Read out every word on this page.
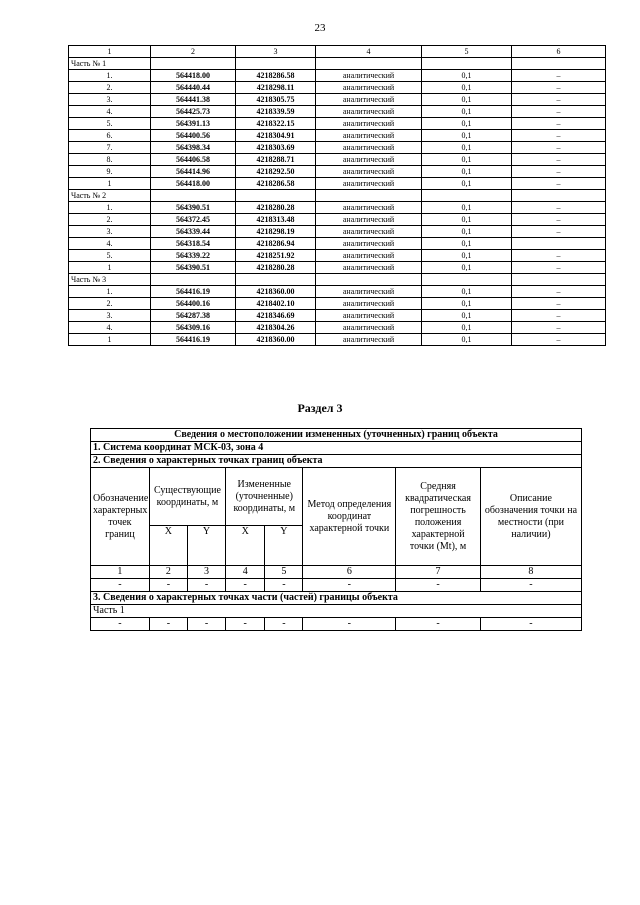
23
1	2	3	4	5	6
Часть № 1					
1.	564418.00	4218286.58	аналитический	0,1	–
2.	564440.44	4218298.11	аналитический	0,1	–
3.	564441.38	4218305.75	аналитический	0,1	–
4.	564425.73	4218339.59	аналитический	0,1	–
5.	564391.13	4218322.15	аналитический	0,1	–
6.	564400.56	4218304.91	аналитический	0,1	–
7.	564398.34	4218303.69	аналитический	0,1	–
8.	564406.58	4218288.71	аналитический	0,1	–
9.	564414.96	4218292.50	аналитический	0,1	–
1	564418.00	4218286.58	аналитический	0,1	–
Часть № 2					
1.	564390.51	4218280.28	аналитический	0,1	–
2.	564372.45	4218313.48	аналитический	0,1	–
3.	564339.44	4218298.19	аналитический	0,1	–
4.	564318.54	4218286.94	аналитический	0,1	
5.	564339.22	4218251.92	аналитический	0,1	–
1	564390.51	4218280.28	аналитический	0,1	–
Часть № 3					
1.	564416.19	4218360.00	аналитический	0,1	–
2.	564400.16	4218402.10	аналитический	0,1	–
3.	564287.38	4218346.69	аналитический	0,1	–
4.	564309.16	4218304.26	аналитический	0,1	–
1	564416.19	4218360.00	аналитический	0,1	–
Раздел 3
Сведения о местоположении измененных (уточненных) границ объекта							
1. Система координат МСК-03, зона 4							
2. Сведения о характерных точках границ объекта							
Обозначение характерных точек границ	Существующие координаты, м		Измененные (уточненные) координаты, м		Метод определения координат характерной точки	Средняя квадратическая погрешность положения характерной точки (Mt), м	Описание обозначения точки на местности (при наличии)
	X	Y	X	Y			
1	2	3	4	5	6	7	8
-	-	-	-	-	-	-	-
3. Сведения о характерных точках части (частей) границы объекта							
Часть 1							
-	-	-	-	-	-	-	-
